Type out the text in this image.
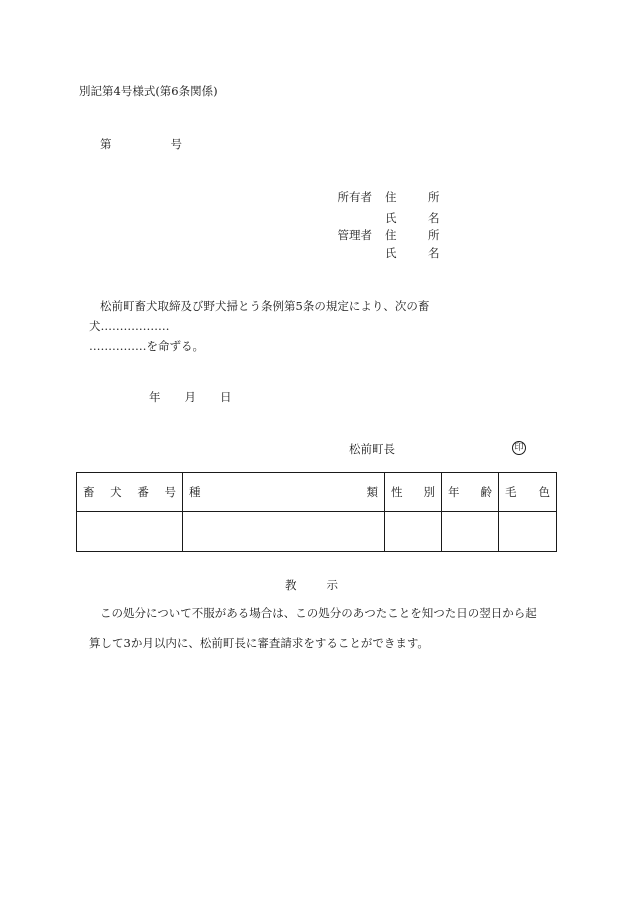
別記第4号様式(第6条関係)
第	号
所有者 住　所
氏　名
管理者 住　所
氏　名
松前町畜犬取締及び野犬掃とう条例第5条の規定により、次の畜
犬………………
……………を命ずる。
年 月 日
松前町長	印
畜 犬 番 号	種 類	性 別	年 齢	毛 色

教示
この処分について不服がある場合は、この処分のあつたことを知つた日の翌日から起
算して3か月以内に、松前町長に審査請求をすることができます。
